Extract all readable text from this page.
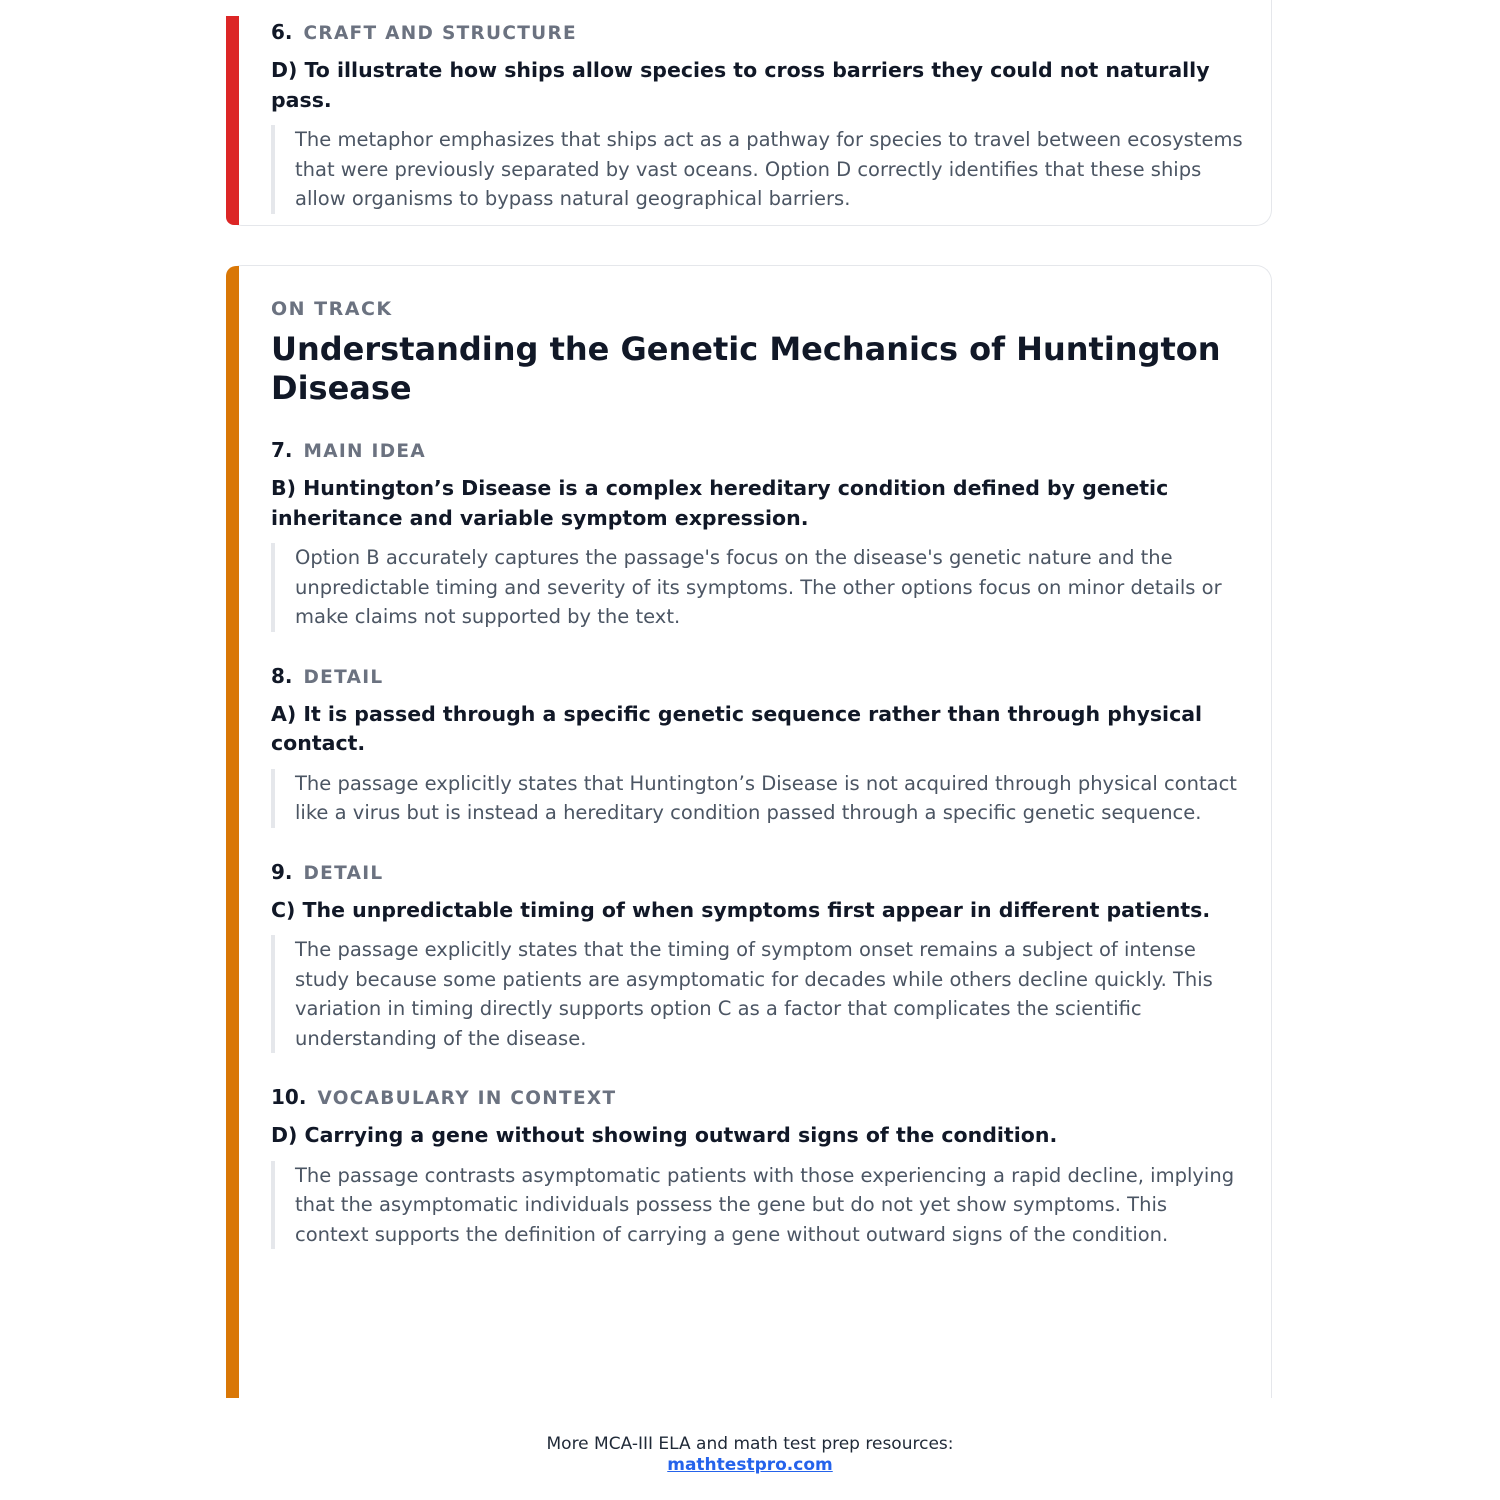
6. CRAFT AND STRUCTURE
D) To illustrate how ships allow species to cross barriers they could not naturally pass.
The metaphor emphasizes that ships act as a pathway for species to travel between ecosystems that were previously separated by vast oceans. Option D correctly identifies that these ships allow organisms to bypass natural geographical barriers.
ON TRACK
Understanding the Genetic Mechanics of Huntington Disease
7. MAIN IDEA
B) Huntington’s Disease is a complex hereditary condition defined by genetic inheritance and variable symptom expression.
Option B accurately captures the passage's focus on the disease's genetic nature and the unpredictable timing and severity of its symptoms. The other options focus on minor details or make claims not supported by the text.
8. DETAIL
A) It is passed through a specific genetic sequence rather than through physical contact.
The passage explicitly states that Huntington’s Disease is not acquired through physical contact like a virus but is instead a hereditary condition passed through a specific genetic sequence.
9. DETAIL
C) The unpredictable timing of when symptoms first appear in different patients.
The passage explicitly states that the timing of symptom onset remains a subject of intense study because some patients are asymptomatic for decades while others decline quickly. This variation in timing directly supports option C as a factor that complicates the scientific understanding of the disease.
10. VOCABULARY IN CONTEXT
D) Carrying a gene without showing outward signs of the condition.
The passage contrasts asymptomatic patients with those experiencing a rapid decline, implying that the asymptomatic individuals possess the gene but do not yet show symptoms. This context supports the definition of carrying a gene without outward signs of the condition.
More MCA-III ELA and math test prep resources:
mathtestpro.com
